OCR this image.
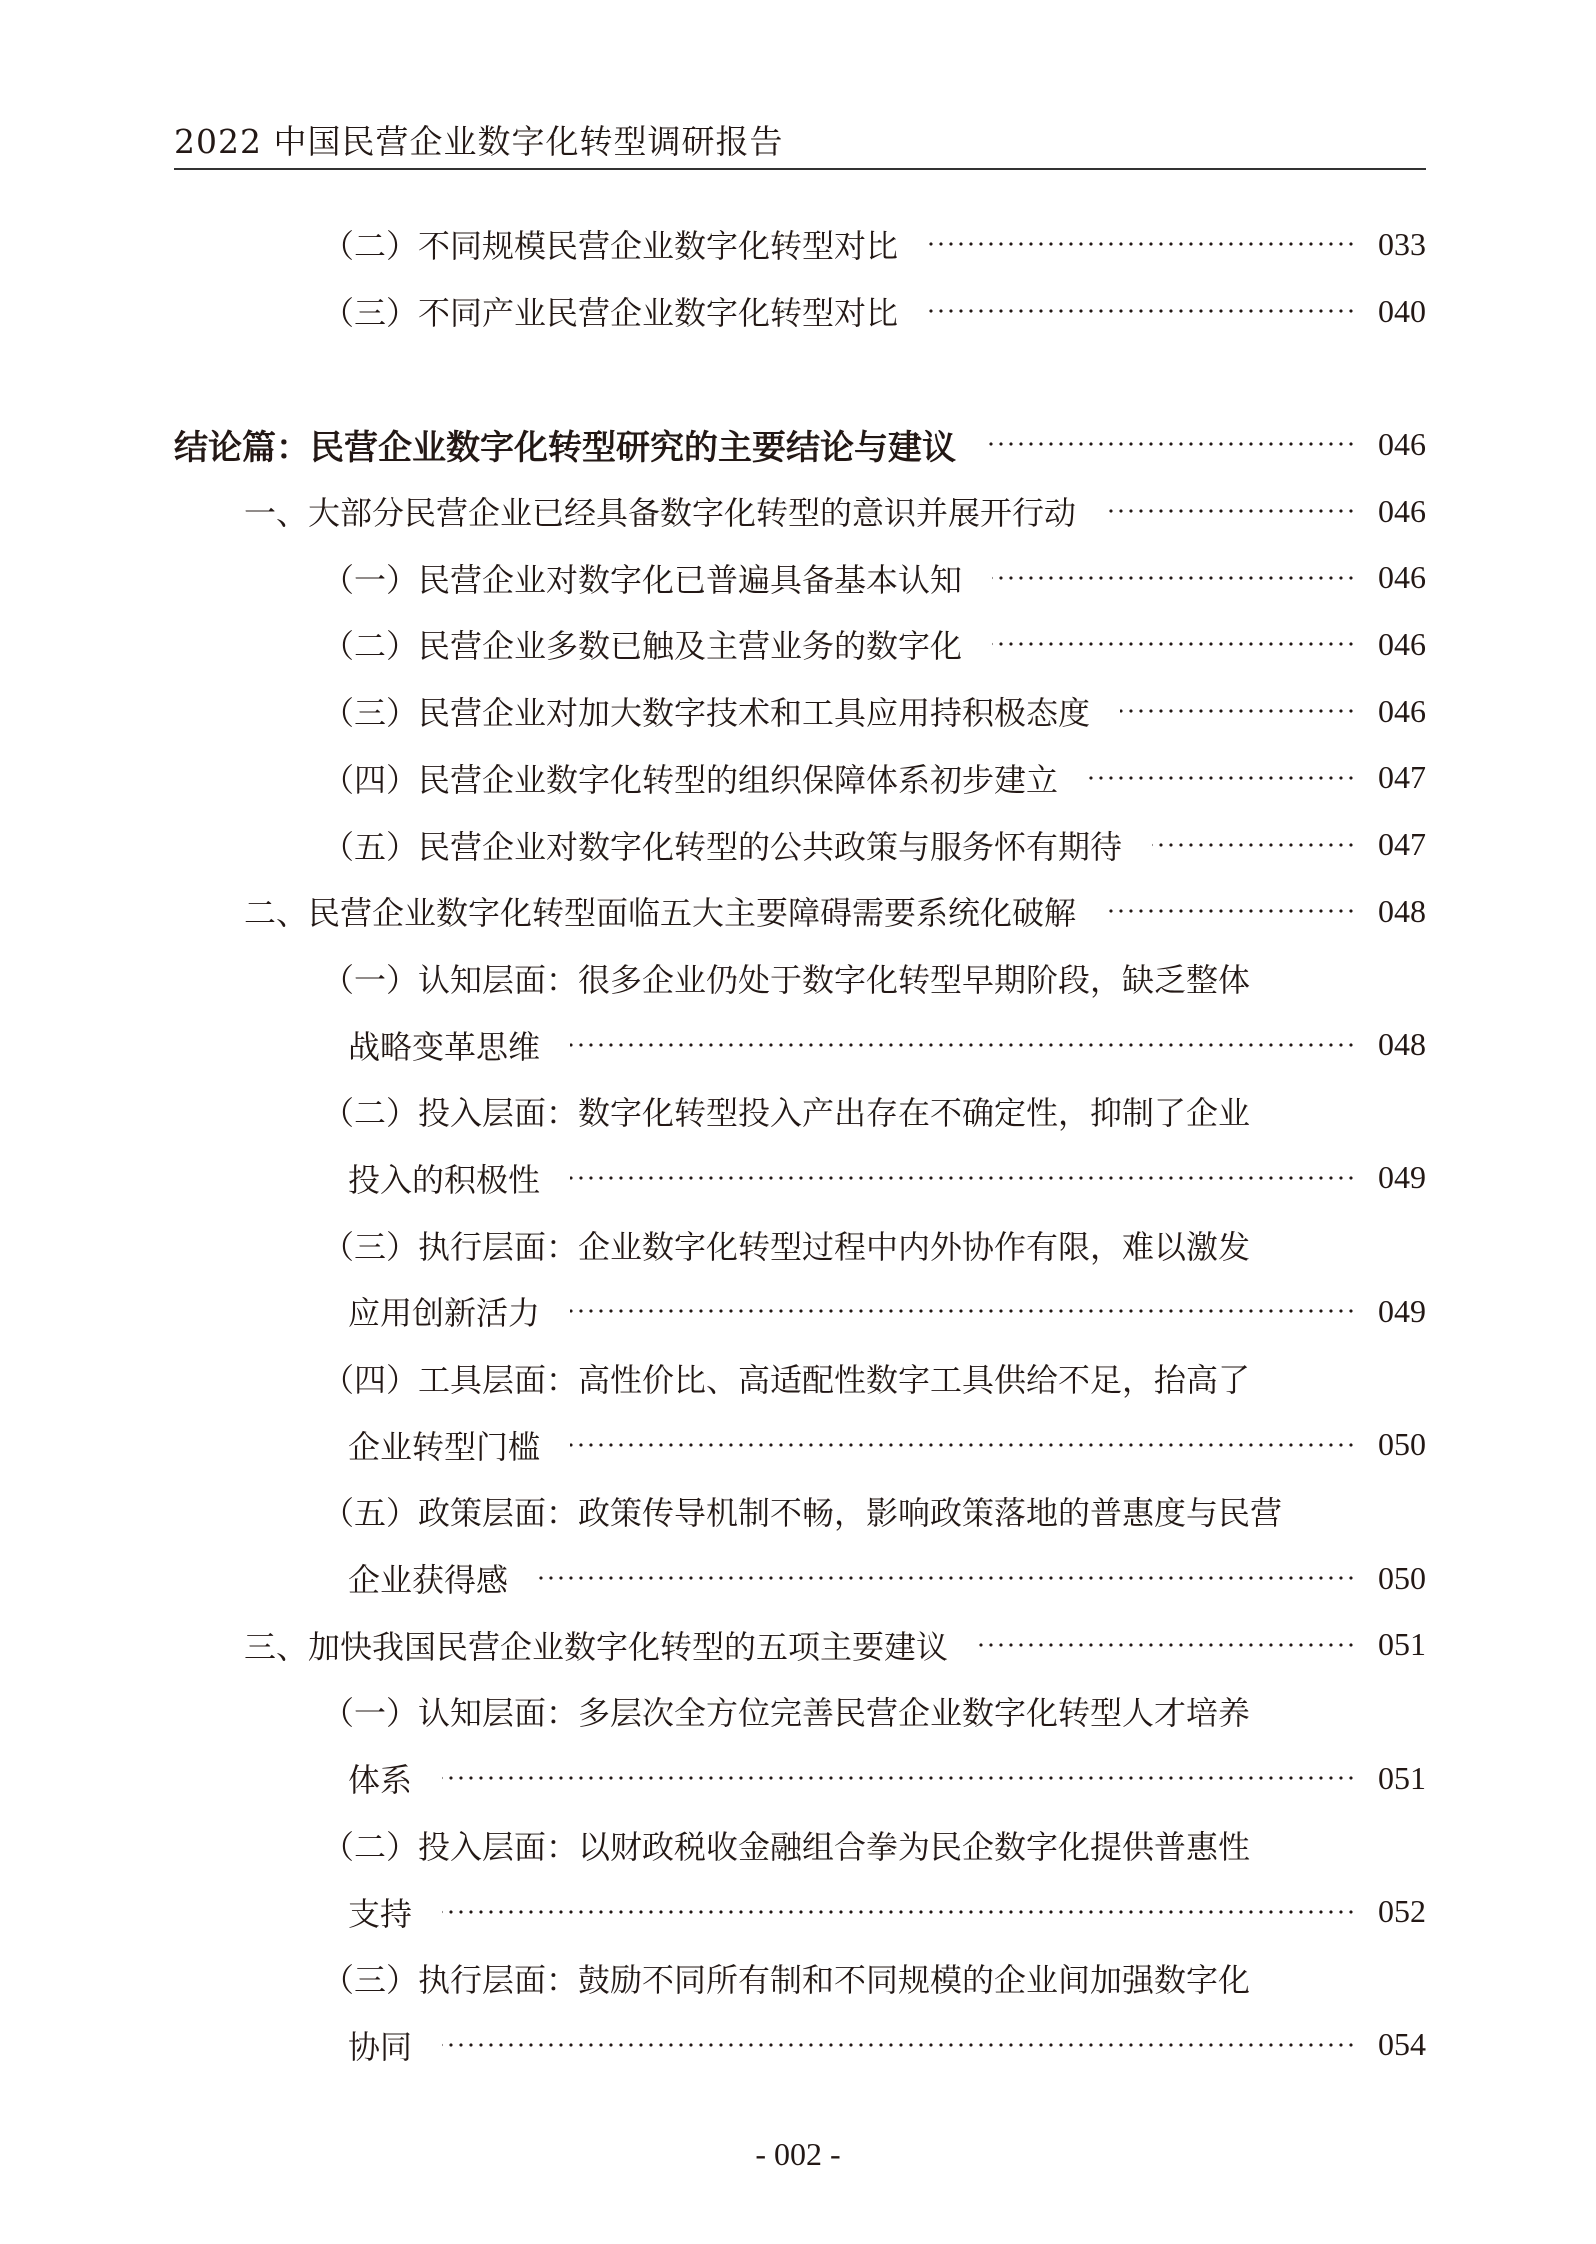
2022 中国民营企业数字化转型调研报告
（二）不同规模民营企业数字化转型对比	033
（三）不同产业民营企业数字化转型对比	040
结论篇：民营企业数字化转型研究的主要结论与建议	046
一、大部分民营企业已经具备数字化转型的意识并展开行动	046
（一）民营企业对数字化已普遍具备基本认知	046
（二）民营企业多数已触及主营业务的数字化	046
（三）民营企业对加大数字技术和工具应用持积极态度	046
（四）民营企业数字化转型的组织保障体系初步建立	047
（五）民营企业对数字化转型的公共政策与服务怀有期待	047
二、民营企业数字化转型面临五大主要障碍需要系统化破解	048
（一）认知层面：很多企业仍处于数字化转型早期阶段，缺乏整体
战略变革思维	048
（二）投入层面：数字化转型投入产出存在不确定性，抑制了企业
投入的积极性	049
（三）执行层面：企业数字化转型过程中内外协作有限，难以激发
应用创新活力	049
（四）工具层面：高性价比、高适配性数字工具供给不足，抬高了
企业转型门槛	050
（五）政策层面：政策传导机制不畅，影响政策落地的普惠度与民营
企业获得感	050
三、加快我国民营企业数字化转型的五项主要建议	051
（一）认知层面：多层次全方位完善民营企业数字化转型人才培养
体系	051
（二）投入层面：以财政税收金融组合拳为民企数字化提供普惠性
支持	052
（三）执行层面：鼓励不同所有制和不同规模的企业间加强数字化
协同	054
- 002 -
